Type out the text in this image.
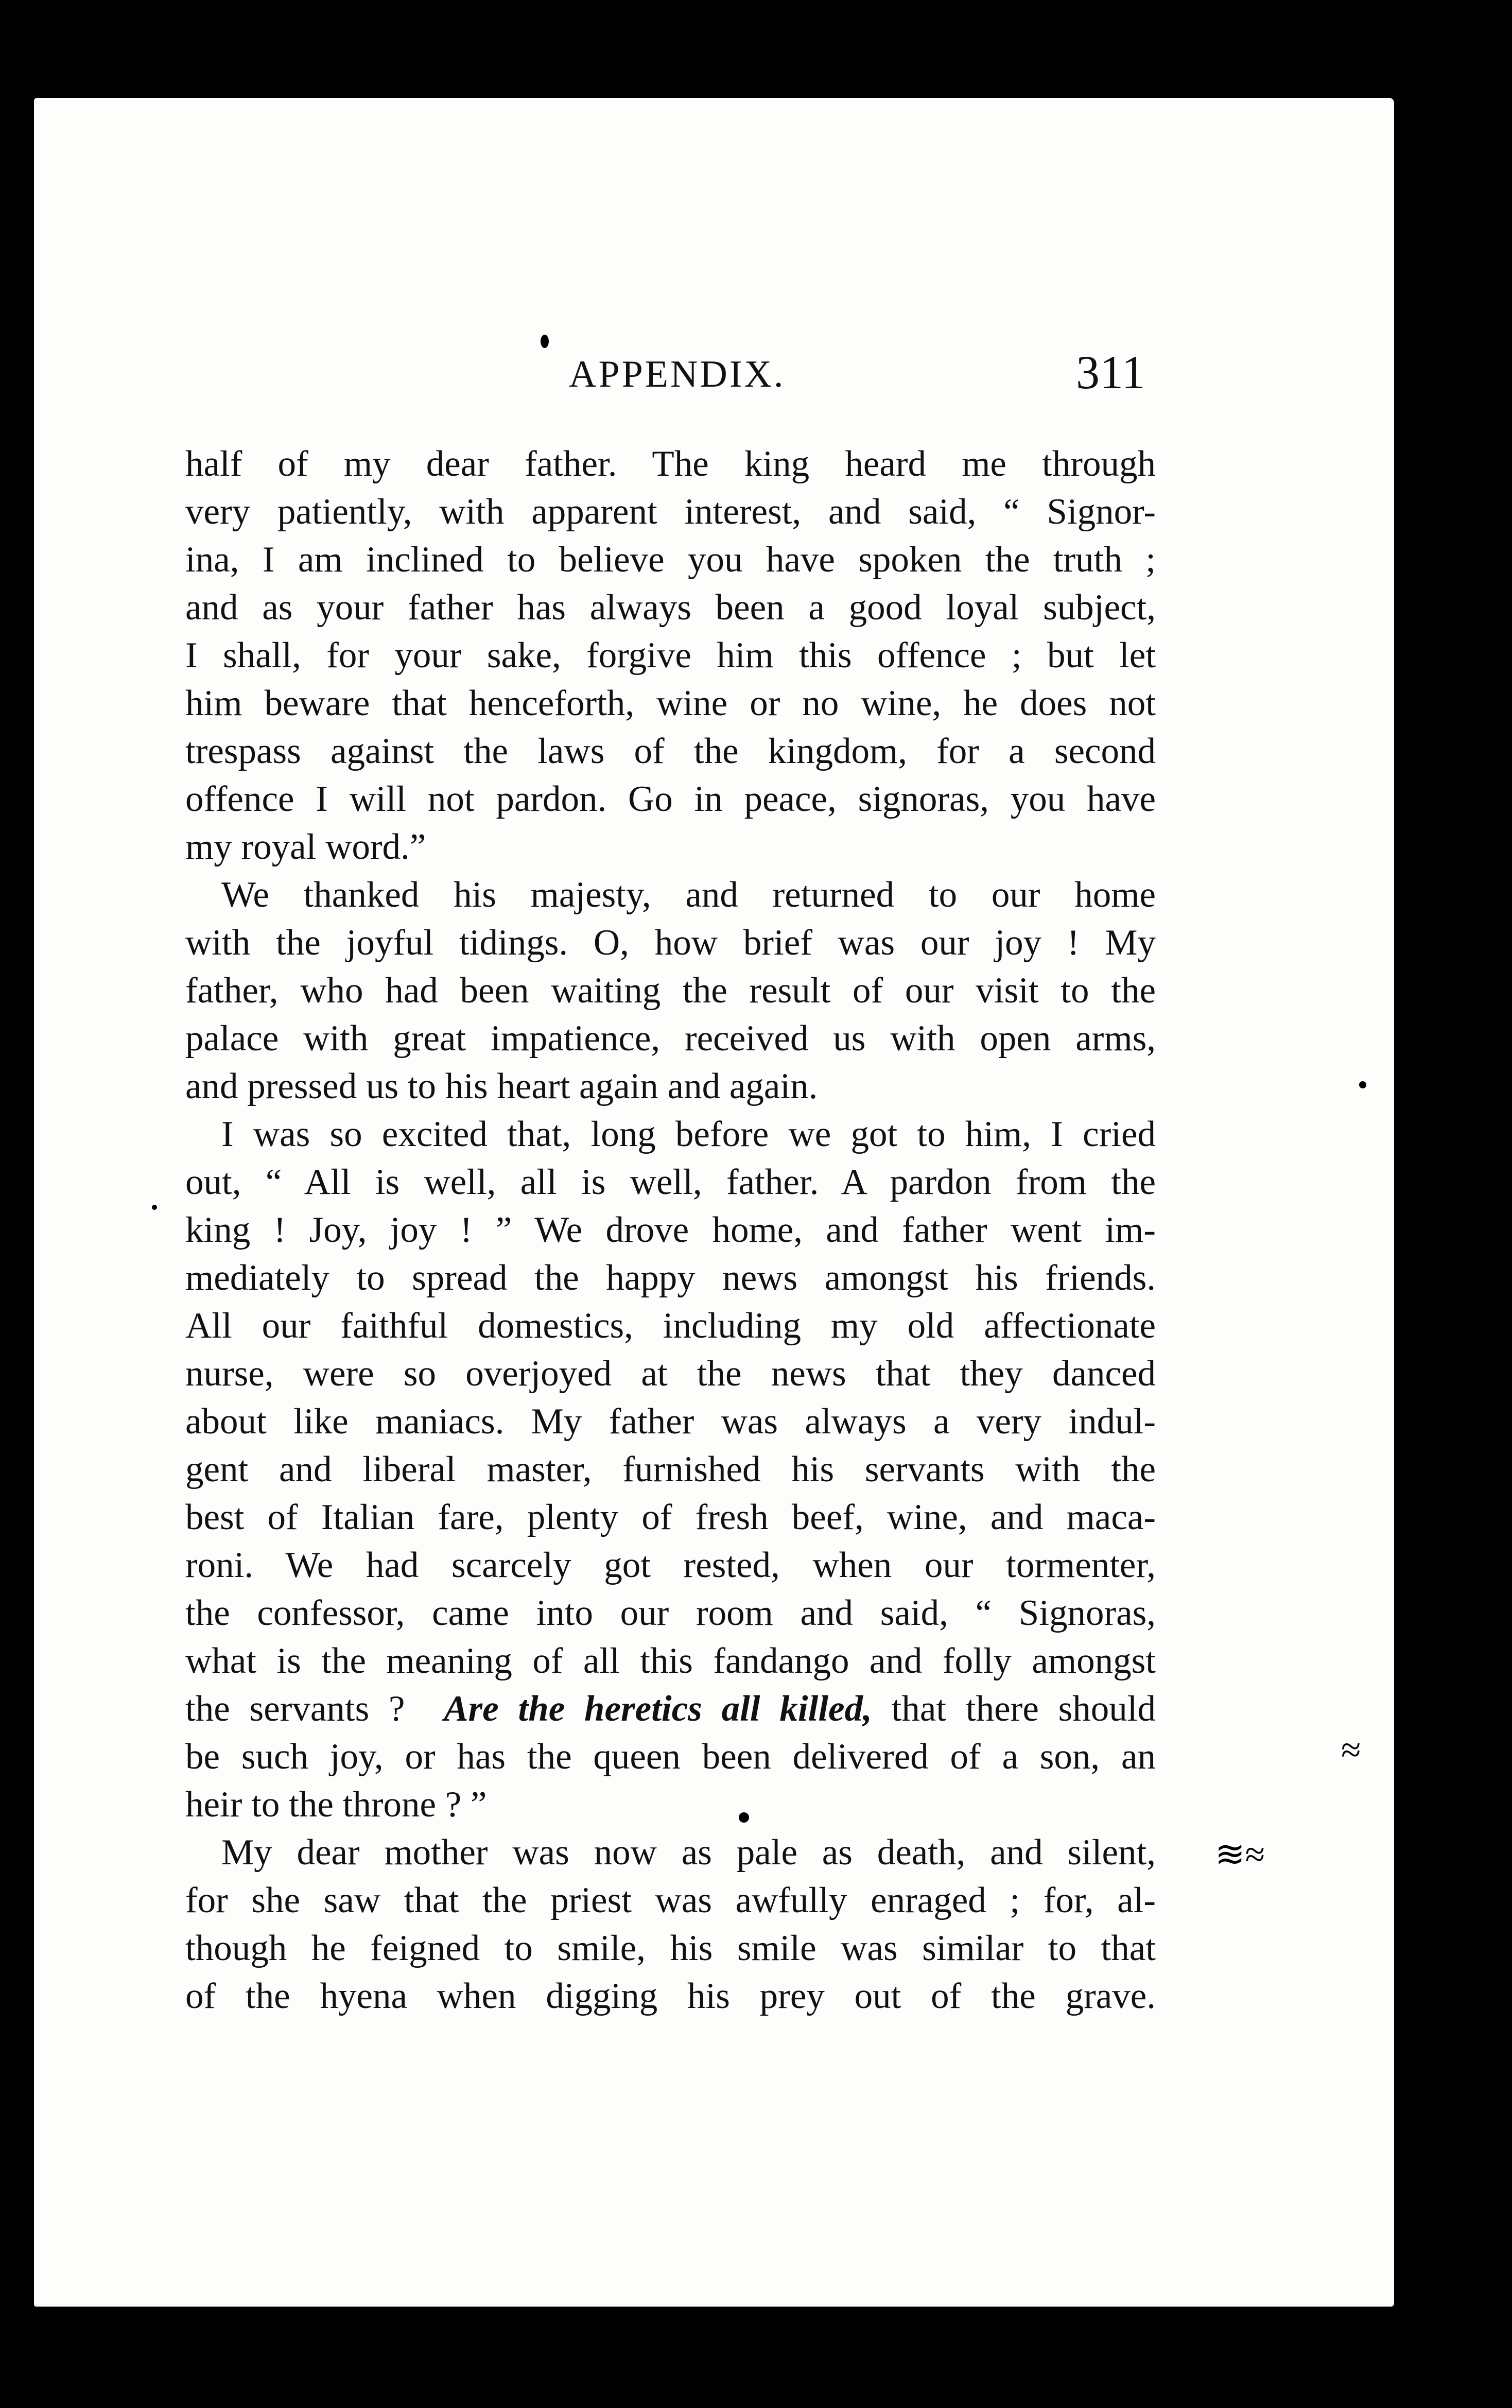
APPENDIX.	311
half of my dear father. The king heard me through
very patiently, with apparent interest, and said, “ Signor-
ina, I am inclined to believe you have spoken the truth ;
and as your father has always been a good loyal subject,
I shall, for your sake, forgive him this offence ; but let
him beware that henceforth, wine or no wine, he does not
trespass against the laws of the kingdom, for a second
offence I will not pardon. Go in peace, signoras, you have
my royal word.”
We thanked his majesty, and returned to our home
with the joyful tidings. O, how brief was our joy ! My
father, who had been waiting the result of our visit to the
palace with great impatience, received us with open arms,
and pressed us to his heart again and again.
I was so excited that, long before we got to him, I cried
out, “ All is well, all is well, father. A pardon from the
king ! Joy, joy ! ” We drove home, and father went im-
mediately to spread the happy news amongst his friends.
All our faithful domestics, including my old affectionate
nurse, were so overjoyed at the news that they danced
about like maniacs. My father was always a very indul-
gent and liberal master, furnished his servants with the
best of Italian fare, plenty of fresh beef, wine, and maca-
roni. We had scarcely got rested, when our tormenter,
the confessor, came into our room and said, “ Signoras,
what is the meaning of all this fandango and folly amongst
the servants ? Are the heretics all killed, that there should
be such joy, or has the queen been delivered of a son, an
heir to the throne ? ”
My dear mother was now as pale as death, and silent,
for she saw that the priest was awfully enraged ; for, al-
though he feigned to smile, his smile was similar to that
of the hyena when digging his prey out of the grave.
≈
≋≈
